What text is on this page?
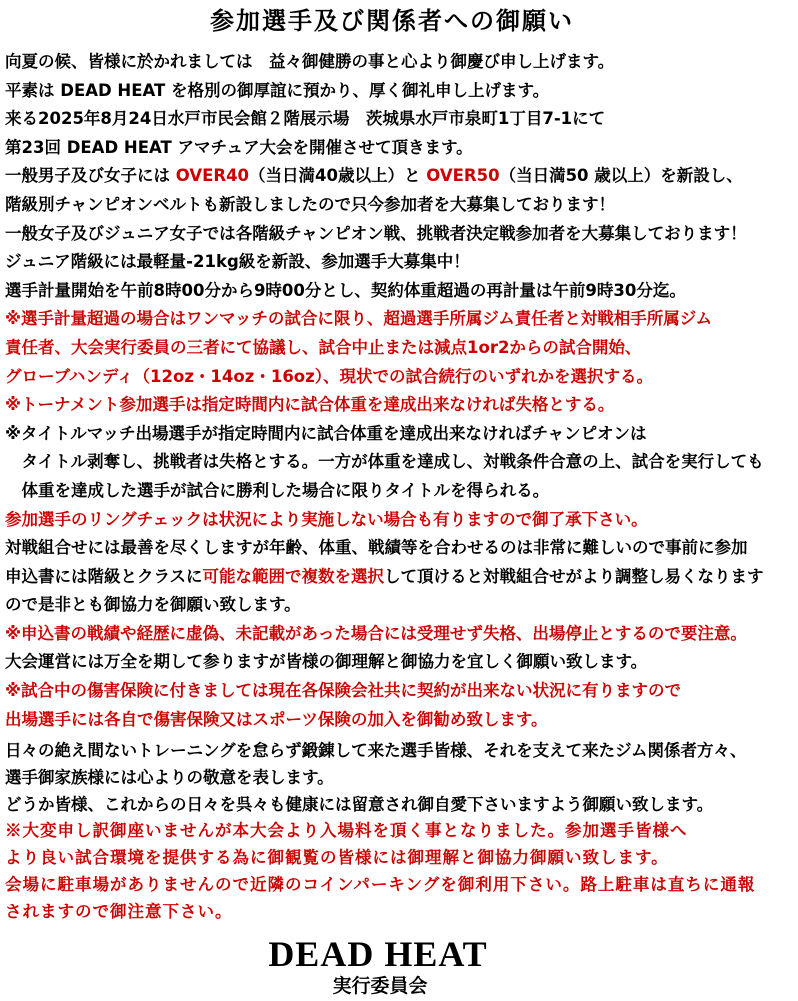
参加選手及び関係者への御願い
向夏の候、皆様に於かれましては　益々御健勝の事と心より御慶び申し上げます。
平素は DEAD HEAT を格別の御厚誼に預かり、厚く御礼申し上げます。
来る2025年8月24日水戸市民会館２階展示場　茨城県水戸市泉町1丁目7-1にて
第23回 DEAD HEAT アマチュア大会を開催させて頂きます。
一般男子及び女子には OVER40（当日満40歳以上）と OVER50（当日満50 歳以上）を新設し、
階級別チャンピオンベルトも新設しましたので只今参加者を大募集しております！
一般女子及びジュニア女子では各階級チャンピオン戦、挑戦者決定戦参加者を大募集しております！
ジュニア階級には最軽量-21kg級を新設、参加選手大募集中！
選手計量開始を午前8時00分から9時00分とし、契約体重超過の再計量は午前9時30分迄。
※選手計量超過の場合はワンマッチの試合に限り、超過選手所属ジム責任者と対戦相手所属ジム
責任者、大会実行委員の三者にて協議し、試合中止または減点1or2からの試合開始、
グローブハンディ（12oz・14oz・16oz）、現状での試合続行のいずれかを選択する。
※トーナメント参加選手は指定時間内に試合体重を達成出来なければ失格とする。
※タイトルマッチ出場選手が指定時間内に試合体重を達成出来なければチャンピオンは
　タイトル剥奪し、挑戦者は失格とする。一方が体重を達成し、対戦条件合意の上、試合を実行しても
　体重を達成した選手が試合に勝利した場合に限りタイトルを得られる。
参加選手のリングチェックは状況により実施しない場合も有りますので御了承下さい。
対戦組合せには最善を尽くしますが年齢、体重、戦績等を合わせるのは非常に難しいので事前に参加
申込書には階級とクラスに可能な範囲で複数を選択して頂けると対戦組合せがより調整し易くなります
ので是非とも御協力を御願い致します。
※申込書の戦績や経歴に虚偽、未記載があった場合には受理せず失格、出場停止とするので要注意。
大会運営には万全を期して参りますが皆様の御理解と御協力を宜しく御願い致します。
※試合中の傷害保険に付きましては現在各保険会社共に契約が出来ない状況に有りますので
出場選手には各自で傷害保険又はスポーツ保険の加入を御勧め致します。
日々の絶え間ないトレーニングを怠らず鍛錬して来た選手皆様、それを支えて来たジム関係者方々、
選手御家族様には心よりの敬意を表します。
どうか皆様、これからの日々を呉々も健康には留意され御自愛下さいますよう御願い致します。
※大変申し訳御座いませんが本大会より入場料を頂く事となりました。参加選手皆様へ
より良い試合環境を提供する為に御観覧の皆様には御理解と御協力御願い致します。
会場に駐車場がありませんので近隣のコインパーキングを御利用下さい。路上駐車は直ちに通報
されますので御注意下さい。
DEAD HEAT
実行委員会
